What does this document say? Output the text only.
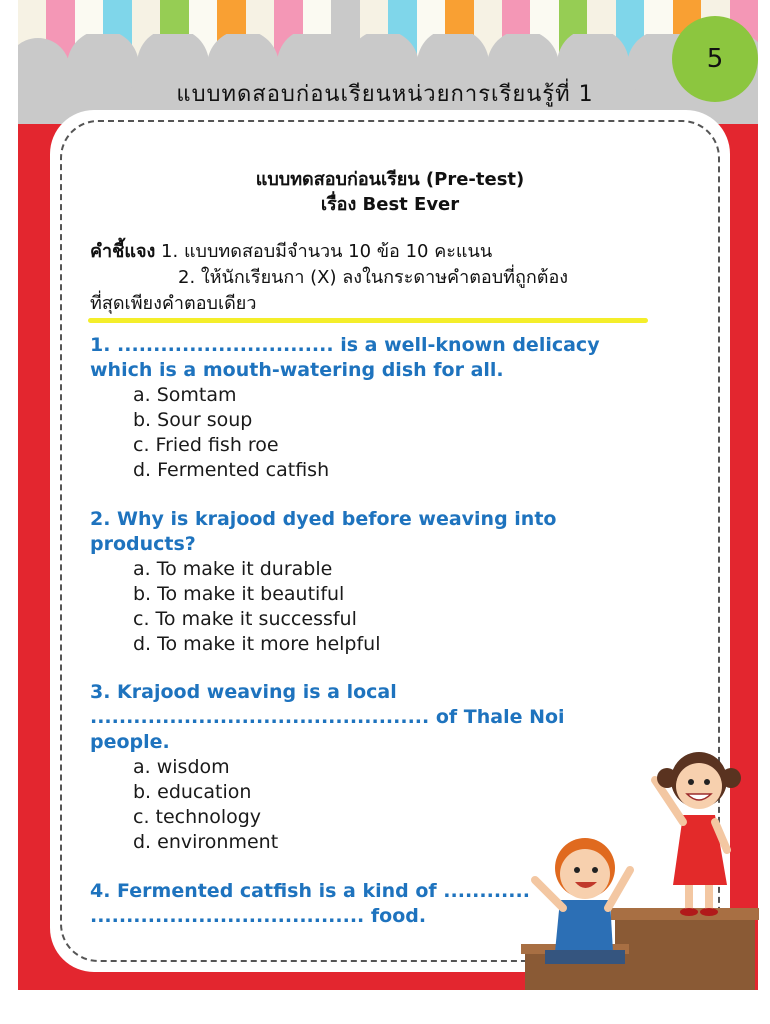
5
แบบทดสอบก่อนเรียนหน่วยการเรียนรู้ที่ 1
แบบทดสอบก่อนเรียน (Pre-test)
เรื่อง Best Ever
คำชี้แจง 1. แบบทดสอบมีจำนวน 10 ข้อ 10 คะแนน
2. ให้นักเรียนกา (X) ลงในกระดาษคำตอบที่ถูกต้อง
ที่สุดเพียงคำตอบเดียว
1. .............................. is a well-known delicacy
which is a mouth-watering dish for all.
a. Somtam
b. Sour soup
c. Fried fish roe
d. Fermented catfish
2. Why is krajood dyed before weaving into
products?
a. To make it durable
b. To make it beautiful
c. To make it successful
d. To make it more helpful
3. Krajood weaving is a local
............................................... of Thale Noi
people.
a. wisdom
b. education
c. technology
d. environment
4. Fermented catfish is a kind of ............
...................................... food.
